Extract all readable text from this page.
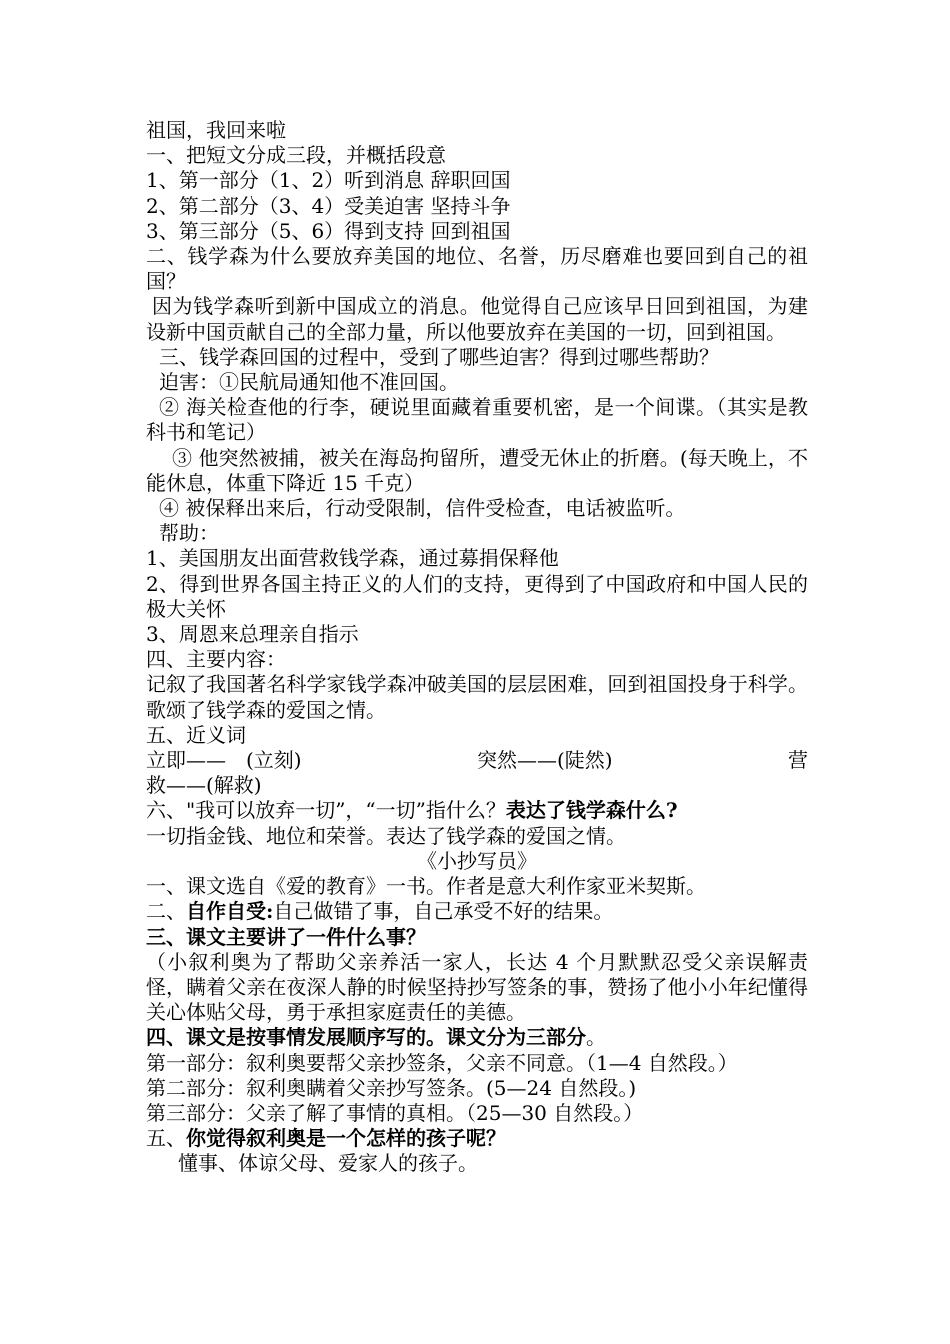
祖国，我回来啦
一、把短文分成三段，并概括段意
1、第一部分（1、2）听到消息 辞职回国
2、第二部分（3、4）受美迫害 坚持斗争
3、第三部分（5、6）得到支持 回到祖国
二、钱学森为什么要放弃美国的地位、名誉，历尽磨难也要回到自己的祖国？
因为钱学森听到新中国成立的消息。他觉得自己应该早日回到祖国，为建设新中国贡献自己的全部力量，所以他要放弃在美国的一切，回到祖国。
三、钱学森回国的过程中，受到了哪些迫害？得到过哪些帮助？
迫害：①民航局通知他不准回国。
② 海关检查他的行李，硬说里面藏着重要机密，是一个间谍。（其实是教科书和笔记）
③ 他突然被捕，被关在海岛拘留所，遭受无休止的折磨。(每天晚上，不能休息，体重下降近 15 千克）
④ 被保释出来后，行动受限制，信件受检查，电话被监听。
帮助：
1、美国朋友出面营救钱学森，通过募捐保释他
2、得到世界各国主持正义的人们的支持，更得到了中国政府和中国人民的极大关怀
3、周恩来总理亲自指示
四、主要内容：
记叙了我国著名科学家钱学森冲破美国的层层困难，回到祖国投身于科学。歌颂了钱学森的爱国之情。
五、近义词
立即——　(立刻)	突然——(陡然)	营
救——(解救)
六、"我可以放弃一切”，“一切”指什么？表达了钱学森什么?
一切指金钱、地位和荣誉。表达了钱学森的爱国之情。
《小抄写员》
一、课文选自《爱的教育》一书。作者是意大利作家亚米契斯。
二、自作自受:自己做错了事，自己承受不好的结果。
三、课文主要讲了一件什么事？
（小叙利奥为了帮助父亲养活一家人，长达 4 个月默默忍受父亲误解责怪，瞒着父亲在夜深人静的时候坚持抄写签条的事，赞扬了他小小年纪懂得关心体贴父母，勇于承担家庭责任的美德。
四、课文是按事情发展顺序写的。课文分为三部分。
第一部分：叙利奥要帮父亲抄签条，父亲不同意。（1—4 自然段。）
第二部分：叙利奥瞒着父亲抄写签条。(5—24 自然段。)
第三部分：父亲了解了事情的真相。（25—30 自然段。）
五、你觉得叙利奥是一个怎样的孩子呢？
懂事、体谅父母、爱家人的孩子。
